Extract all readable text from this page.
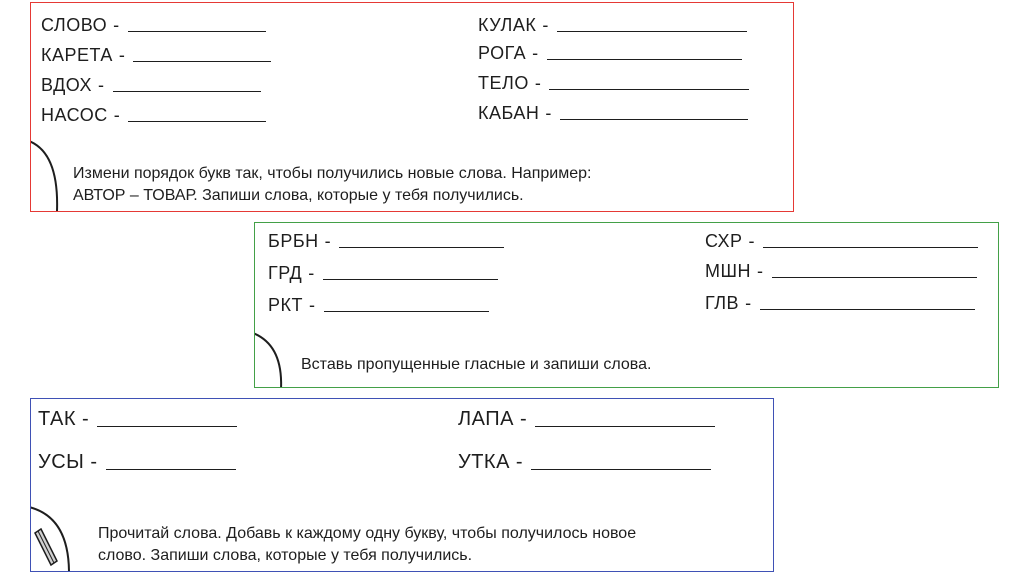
СЛОВО -
КАРЕТА -
ВДОХ -
НАСОС -
КУЛАК -
РОГА -
ТЕЛО -
КАБАН -
Измени порядок букв так, чтобы получились новые слова. Например:
АВТОР – ТОВАР. Запиши слова, которые у тебя получились.
БРБН -
ГРД -
РКТ -
СХР -
МШН -
ГЛВ -
Вставь пропущенные гласные и запиши слова.
ТАК -
УСЫ -
ЛАПА -
УТКА -
Прочитай слова. Добавь к каждому одну букву, чтобы получилось новое
слово. Запиши слова, которые у тебя получились.
